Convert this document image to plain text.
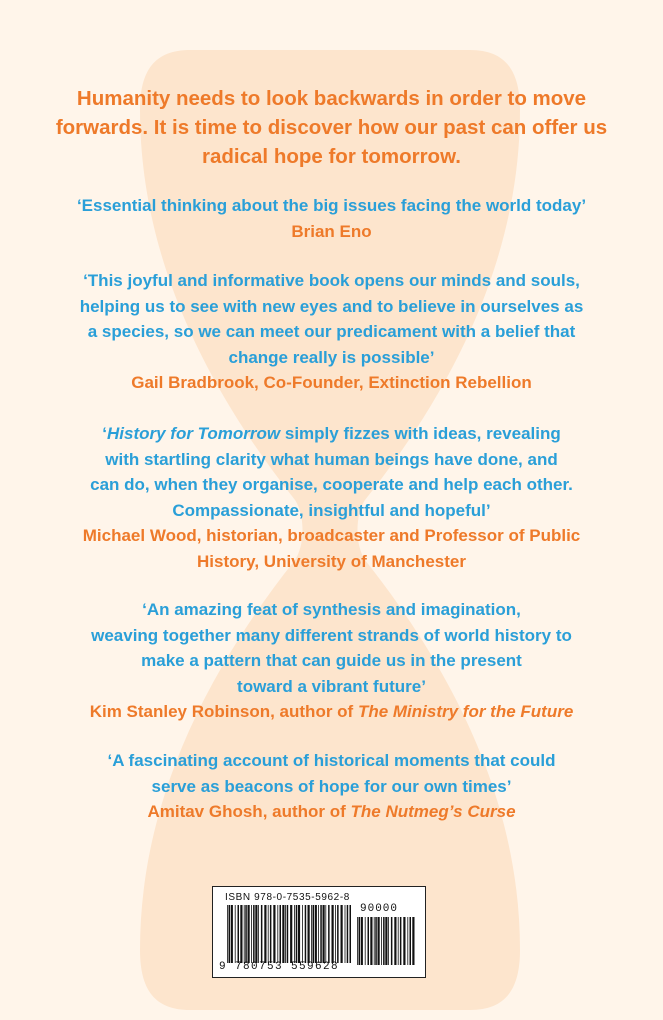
Humanity needs to look backwards in order to move
forwards. It is time to discover how our past can offer us
radical hope for tomorrow.
‘Essential thinking about the big issues facing the world today’
Brian Eno
‘This joyful and informative book opens our minds and souls,
helping us to see with new eyes and to believe in ourselves as
a species, so we can meet our predicament with a belief that
change really is possible’
Gail Bradbrook, Co-Founder, Extinction Rebellion
‘History for Tomorrow simply fizzes with ideas, revealing
with startling clarity what human beings have done, and
can do, when they organise, cooperate and help each other.
Compassionate, insightful and hopeful’
Michael Wood, historian, broadcaster and Professor of Public
History, University of Manchester
‘An amazing feat of synthesis and imagination,
weaving together many different strands of world history to
make a pattern that can guide us in the present
toward a vibrant future’
Kim Stanley Robinson, author of The Ministry for the Future
‘A fascinating account of historical moments that could
serve as beacons of hope for our own times’
Amitav Ghosh, author of The Nutmeg’s Curse
ISBN 978-0-7535-5962-8
90000
9 780753 559628
